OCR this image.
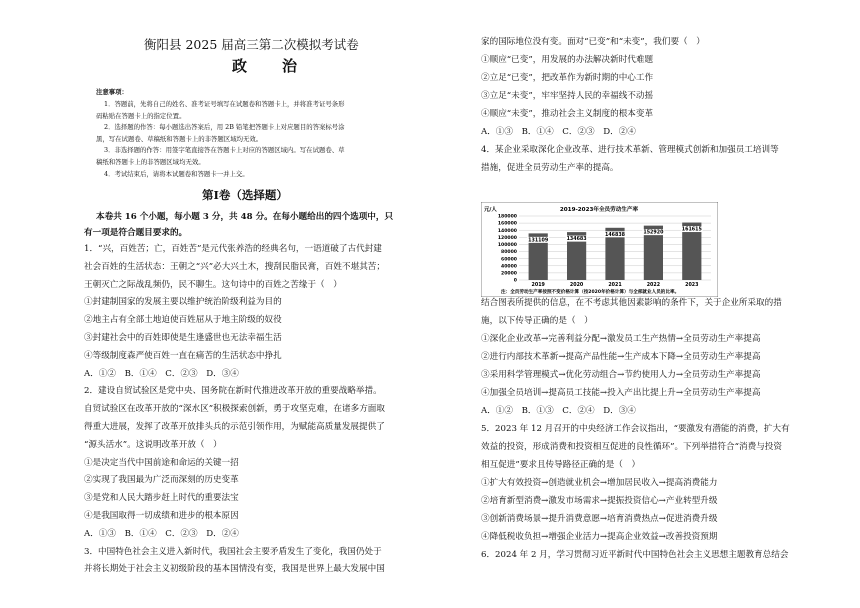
衡阳县 2025 届高三第二次模拟考试卷
政　治
注意事项：
1．答题前，先将自己的姓名、准考证号填写在试题卷和答题卡上，并将准考证号条形
码粘贴在答题卡上的指定位置。
2．选择题的作答：每小题选出答案后，用 2B 铅笔把答题卡上对应题目的答案标号涂
黑，写在试题卷、草稿纸和答题卡上的非答题区域均无效。
3．非选择题的作答：用签字笔直接答在答题卡上对应的答题区域内。写在试题卷、草
稿纸和答题卡上的非答题区域均无效。
4．考试结束后，请将本试题卷和答题卡一并上交。
第Ⅰ卷（选择题）
本卷共 16 个小题，每小题 3 分，共 48 分。在每小题给出的四个选项中，只
有一项是符合题目要求的。
1．“兴，百姓苦；亡，百姓苦”是元代张养浩的经典名句，一语道破了古代封建
社会百姓的生活状态：王朝之“兴”必大兴土木，搜刮民脂民膏，百姓不堪其苦；
王朝灭亡之际战乱频仍，民不聊生。这句诗中的百姓之苦缘于（　）
①封建制国家的发展主要以维护统治阶级利益为目的
②地主占有全部土地迫使百姓屈从于地主阶级的奴役
③封建社会中的百姓即使是生逢盛世也无法幸福生活
④等级制度森严使百姓一直在痛苦的生活状态中挣扎
A．①②　B．①④　C．②③　D．③④
2．建设自贸试验区是党中央、国务院在新时代推进改革开放的重要战略举措。
自贸试验区在改革开放的“深水区”积极探索创新，勇于攻坚克难，在诸多方面取
得重大进展，发挥了改革开放排头兵的示范引领作用，为赋能高质量发展提供了
“源头活水”。这说明改革开放（　）
①是决定当代中国前途和命运的关键一招
②实现了我国最为广泛而深刻的历史变革
③是党和人民大踏步赶上时代的重要法宝
④是我国取得一切成绩和进步的根本原因
A．①③　B．①④　C．②③　D．②④
3．中国特色社会主义进入新时代，我国社会主要矛盾发生了变化，我国仍处于
并将长期处于社会主义初级阶段的基本国情没有变，我国是世界上最大发展中国
家的国际地位没有变。面对“已变”和“未变”，我们要（　）
①顺应“已变”，用发展的办法解决新时代难题
②立足“已变”，把改革作为新时期的中心工作
③立足“未变”，牢牢坚持人民的幸福线不动摇
④顺应“未变”，推动社会主义制度的根本变革
A．①③　B．①④　C．②③　D．②④
4．某企业采取深化企业改革、进行技术革新、管理模式创新和加强员工培训等
措施，促进全员劳动生产率的提高。
2019-2023年全员劳动生产率
元/人
0
20000
40000
60000
80000
100000
120000
140000
160000
180000
131109
2019
134683
2020
146838
2021
152920
2022
161615
2023
注：全员劳动生产率按照不变价格计算（按2020年价格计算）与全部就业人员的比率。
结合图表所提供的信息，在不考虑其他因素影响的条件下，关于企业所采取的措
施，以下传导正确的是（　）
①深化企业改革→完善利益分配→激发员工生产热情→全员劳动生产率提高
②进行内部技术革新→提高产品性能→生产成本下降→全员劳动生产率提高
③采用科学管理模式→优化劳动组合→节约使用人力→全员劳动生产率提高
④加强全员培训→提高员工技能→投入产出比提上升→全员劳动生产率提高
A．①②　B．①③　C．②④　D．③④
5．2023 年 12 月召开的中央经济工作会议指出，“要激发有潜能的消费，扩大有
效益的投资，形成消费和投资相互促进的良性循环”。下列举措符合“消费与投资
相互促进”要求且传导路径正确的是（　）
①扩大有效投资→创造就业机会→增加居民收入→提高消费能力
②培育新型消费→激发市场需求→提振投资信心→产业转型升级
③创新消费场景→提升消费意愿→培育消费热点→促进消费升级
④降低税收负担→增强企业活力→提高企业效益→改善投资预期
6．2024 年 2 月，学习贯彻习近平新时代中国特色社会主义思想主题教育总结会
